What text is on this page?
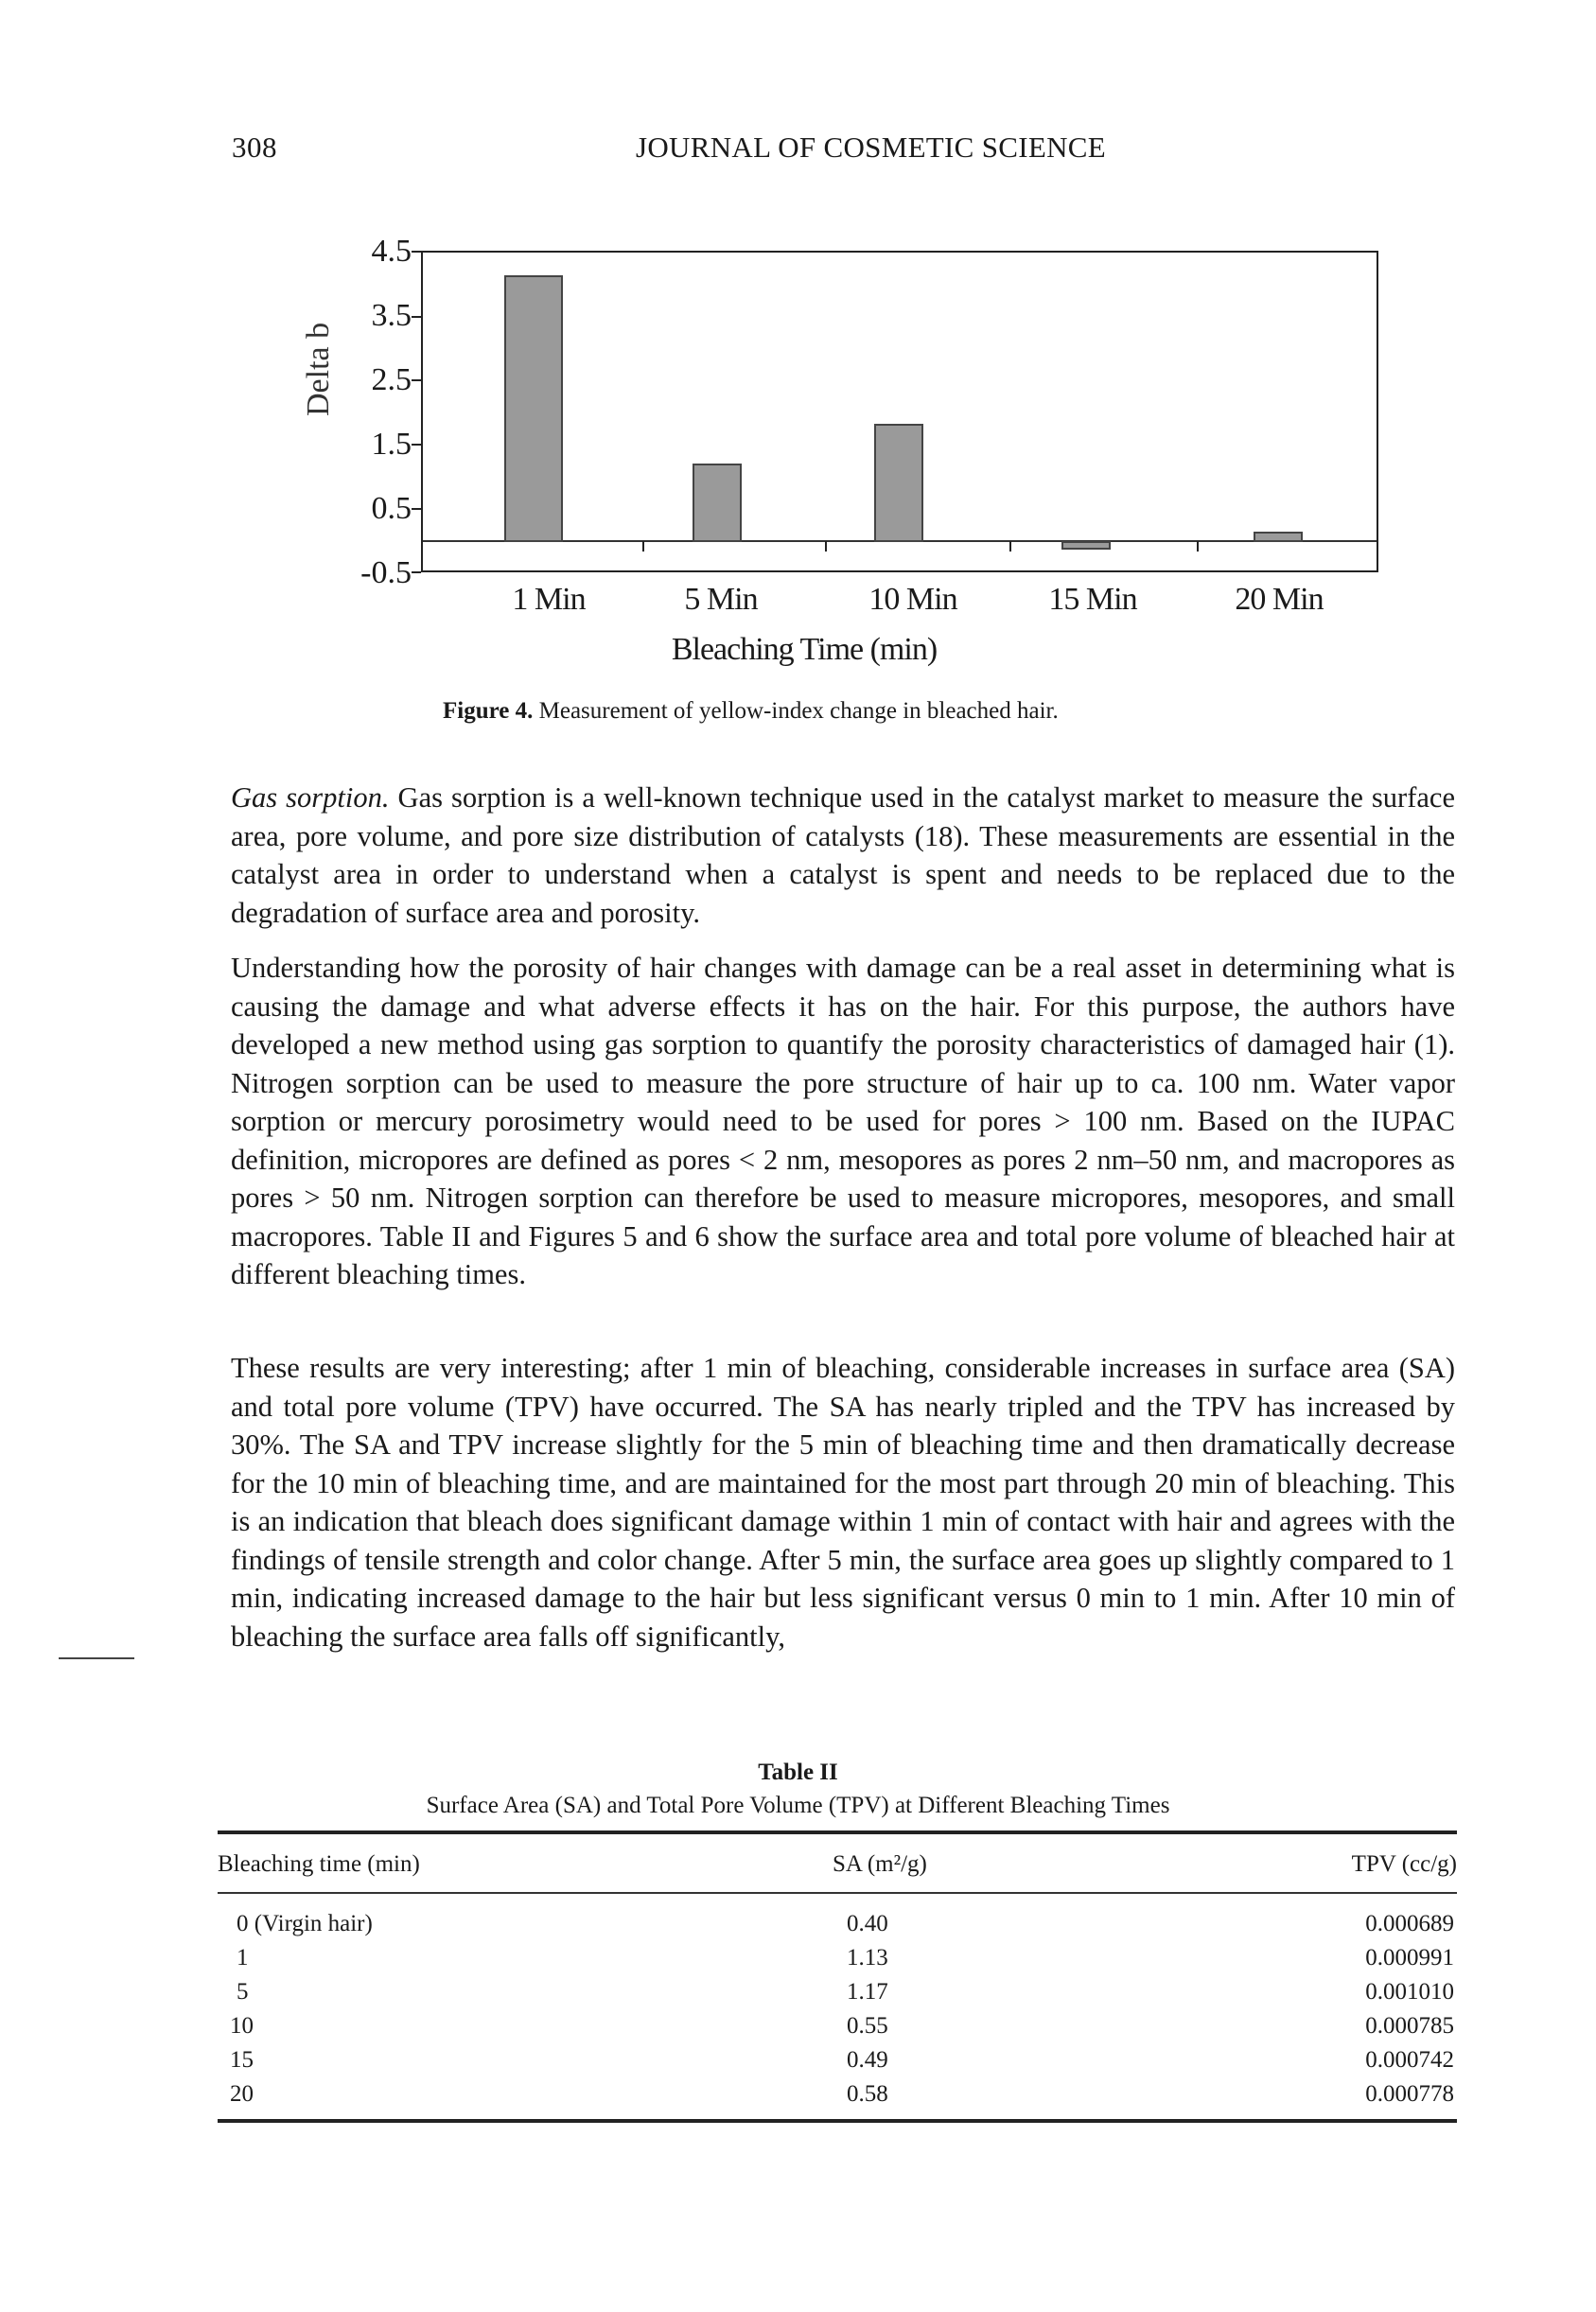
308	JOURNAL OF COSMETIC SCIENCE
Delta b
4.5
3.5
2.5
1.5
0.5
-0.5
1 Min	5 Min	10 Min	15 Min	20 Min
Bleaching Time (min)
Figure 4. Measurement of yellow-index change in bleached hair.
Gas sorption. Gas sorption is a well-known technique used in the catalyst market to measure the surface area, pore volume, and pore size distribution of catalysts (18). These measurements are essential in the catalyst area in order to understand when a catalyst is spent and needs to be replaced due to the degradation of surface area and porosity.
Understanding how the porosity of hair changes with damage can be a real asset in determining what is causing the damage and what adverse effects it has on the hair. For this purpose, the authors have developed a new method using gas sorption to quantify the porosity characteristics of damaged hair (1). Nitrogen sorption can be used to measure the pore structure of hair up to ca. 100 nm. Water vapor sorption or mercury porosimetry would need to be used for pores > 100 nm. Based on the IUPAC definition, micropores are defined as pores < 2 nm, mesopores as pores 2 nm–50 nm, and macropores as pores > 50 nm. Nitrogen sorption can therefore be used to measure micropores, mesopores, and small macropores. Table II and Figures 5 and 6 show the surface area and total pore volume of bleached hair at different bleaching times.
These results are very interesting; after 1 min of bleaching, considerable increases in surface area (SA) and total pore volume (TPV) have occurred. The SA has nearly tripled and the TPV has increased by 30%. The SA and TPV increase slightly for the 5 min of bleaching time and then dramatically decrease for the 10 min of bleaching time, and are maintained for the most part through 20 min of bleaching. This is an indication that bleach does significant damage within 1 min of contact with hair and agrees with the findings of tensile strength and color change. After 5 min, the surface area goes up slightly compared to 1 min, indicating increased damage to the hair but less significant versus 0 min to 1 min. After 10 min of bleaching the surface area falls off significantly,
Table II
Surface Area (SA) and Total Pore Volume (TPV) at Different Bleaching Times
Bleaching time (min)	SA (m²/g)	TPV (cc/g)
0 (Virgin hair)	0.40	0.000689
1	1.13	0.000991
5	1.17	0.001010
10	0.55	0.000785
15	0.49	0.000742
20	0.58	0.000778
